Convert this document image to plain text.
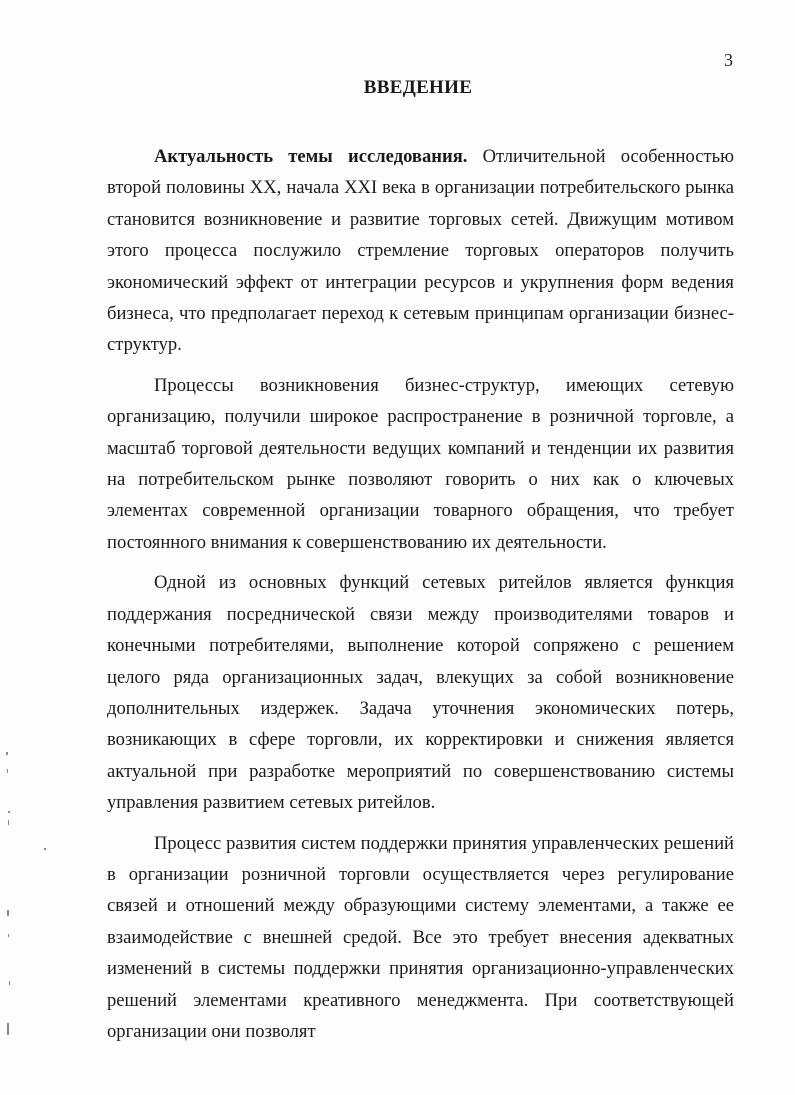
3
ВВЕДЕНИЕ

Актуальность темы исследования. Отличительной особенностью второй половины XX, начала XXI века в организации потребительского рынка становится возникновение и развитие торговых сетей. Движущим мотивом этого процесса послужило стремление торговых операторов получить экономический эффект от интеграции ресурсов и укрупнения форм ведения бизнеса, что предполагает переход к сетевым принципам организации бизнес-структур.

Процессы возникновения бизнес-структур, имеющих сетевую организацию, получили широкое распространение в розничной торговле, а масштаб торговой деятельности ведущих компаний и тенденции их развития на потребительском рынке позволяют говорить о них как о ключевых элементах современной организации товарного обращения, что требует постоянного внимания к совершенствованию их деятельности.

Одной из основных функций сетевых ритейлов является функция поддержания посреднической связи между производителями товаров и конечными потребителями, выполнение которой сопряжено с решением целого ряда организационных задач, влекущих за собой возникновение дополнительных издержек. Задача уточнения экономических потерь, возникающих в сфере торговли, их корректировки и снижения является актуальной при разработке мероприятий по совершенствованию системы управления развитием сетевых ритейлов.

Процесс развития систем поддержки принятия управленческих решений в организации розничной торговли осуществляется через регулирование связей и отношений между образующими систему элементами, а также ее взаимодействие с внешней средой. Все это требует внесения адекватных изменений в системы поддержки принятия организационно-управленческих решений элементами креативного менеджмента. При соответствующей организации они позволят
